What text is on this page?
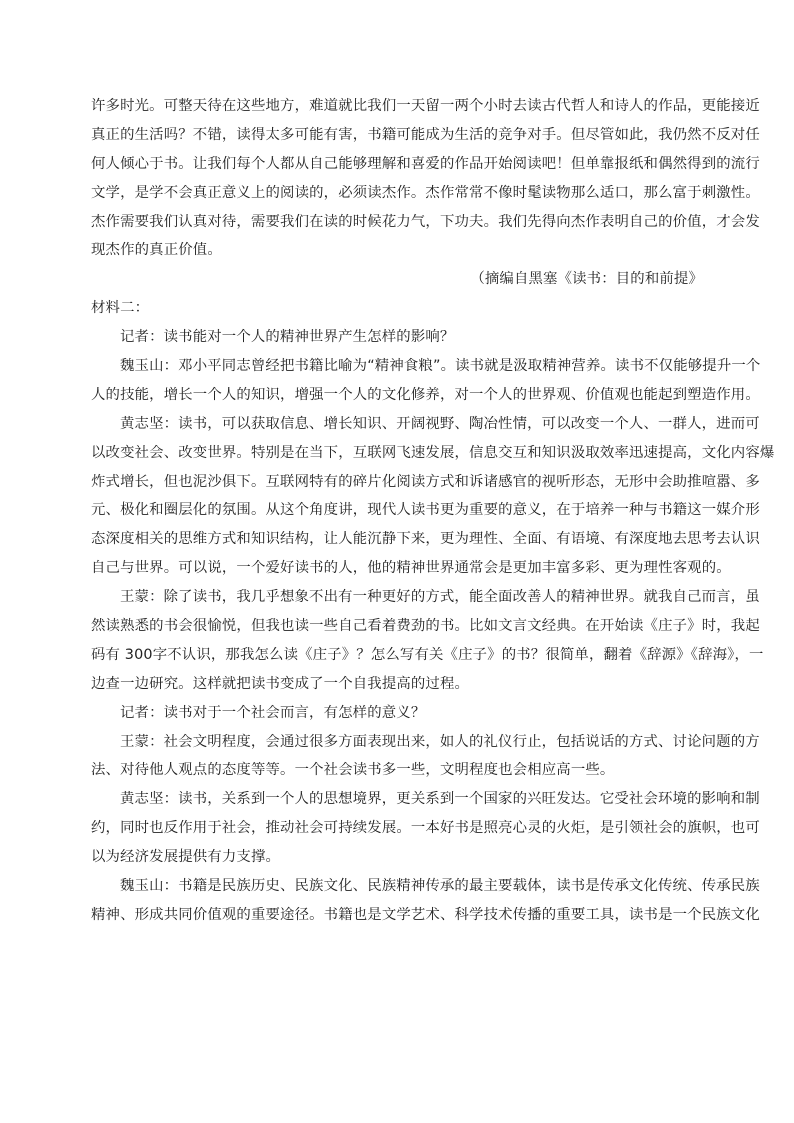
许多时光。可整天待在这些地方，难道就比我们一天留一两个小时去读古代哲人和诗人的作品，更能接近
真正的生活吗？不错，读得太多可能有害，书籍可能成为生活的竞争对手。但尽管如此，我仍然不反对任
何人倾心于书。让我们每个人都从自己能够理解和喜爱的作品开始阅读吧！但单靠报纸和偶然得到的流行
文学，是学不会真正意义上的阅读的，必须读杰作。杰作常常不像时髦读物那么适口，那么富于刺激性。
杰作需要我们认真对待，需要我们在读的时候花力气，下功夫。我们先得向杰作表明自己的价值，才会发
现杰作的真正价值。
（摘编自黑塞《读书：目的和前提》
材料二：
记者：读书能对一个人的精神世界产生怎样的影响？
魏玉山：邓小平同志曾经把书籍比喻为“精神食粮”。读书就是汲取精神营养。读书不仅能够提升一个
人的技能，增长一个人的知识，增强一个人的文化修养，对一个人的世界观、价值观也能起到塑造作用。
黄志坚：读书，可以获取信息、增长知识、开阔视野、陶冶性情，可以改变一个人、一群人，进而可
以改变社会、改变世界。特别是在当下，互联网飞速发展，信息交互和知识汲取效率迅速提高，文化内容爆
炸式增长，但也泥沙俱下。互联网特有的碎片化阅读方式和诉诸感官的视听形态，无形中会助推喧嚣、多
元、极化和圈层化的氛围。从这个角度讲，现代人读书更为重要的意义，在于培养一种与书籍这一媒介形
态深度相关的思维方式和知识结构，让人能沉静下来，更为理性、全面、有语境、有深度地去思考去认识
自己与世界。可以说，一个爱好读书的人，他的精神世界通常会是更加丰富多彩、更为理性客观的。
王蒙：除了读书，我几乎想象不出有一种更好的方式，能全面改善人的精神世界。就我自己而言，虽
然读熟悉的书会很愉悦，但我也读一些自己看着费劲的书。比如文言文经典。在开始读《庄子》时，我起
码有 300字不认识，那我怎么读《庄子》？怎么写有关《庄子》的书？很简单，翻着《辞源》《辞海》，一
边查一边研究。这样就把读书变成了一个自我提高的过程。
记者：读书对于一个社会而言，有怎样的意义？
王蒙：社会文明程度，会通过很多方面表现出来，如人的礼仪行止，包括说话的方式、讨论问题的方
法、对待他人观点的态度等等。一个社会读书多一些，文明程度也会相应高一些。
黄志坚：读书，关系到一个人的思想境界，更关系到一个国家的兴旺发达。它受社会环境的影响和制
约，同时也反作用于社会，推动社会可持续发展。一本好书是照亮心灵的火炬，是引领社会的旗帜，也可
以为经济发展提供有力支撑。
魏玉山：书籍是民族历史、民族文化、民族精神传承的最主要载体，读书是传承文化传统、传承民族
精神、形成共同价值观的重要途径。书籍也是文学艺术、科学技术传播的重要工具，读书是一个民族文化
